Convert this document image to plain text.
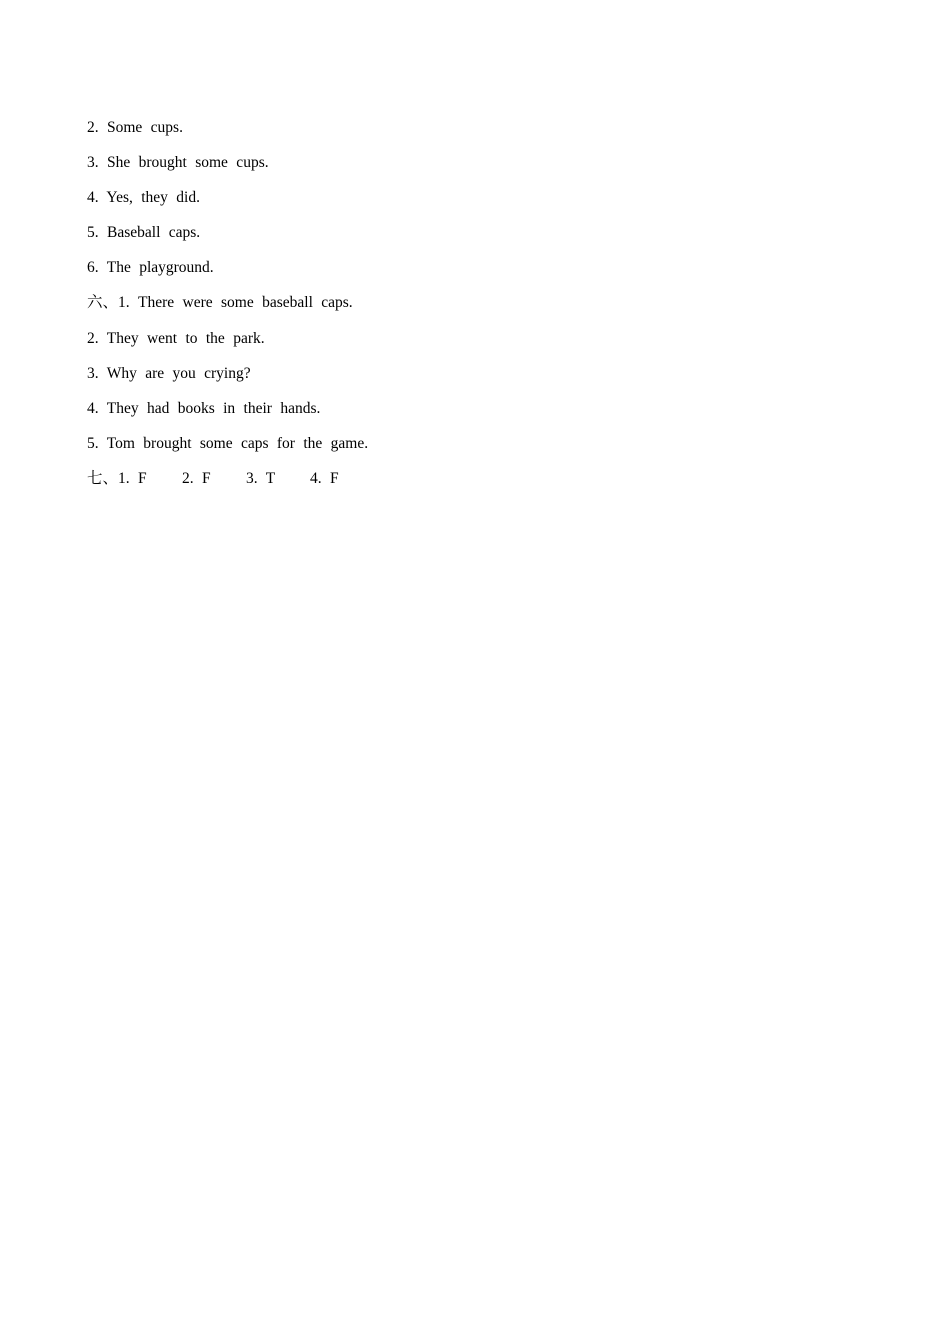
2. Some cups.
3. She brought some cups.
4. Yes, they did.
5. Baseball caps.
6. The playground.
六、1. There were some baseball caps.
2. They went to the park.
3. Why are you crying?
4. They had books in their hands.
5. Tom brought some caps for the game.
七、1. F 2. F 3. T 4. F
